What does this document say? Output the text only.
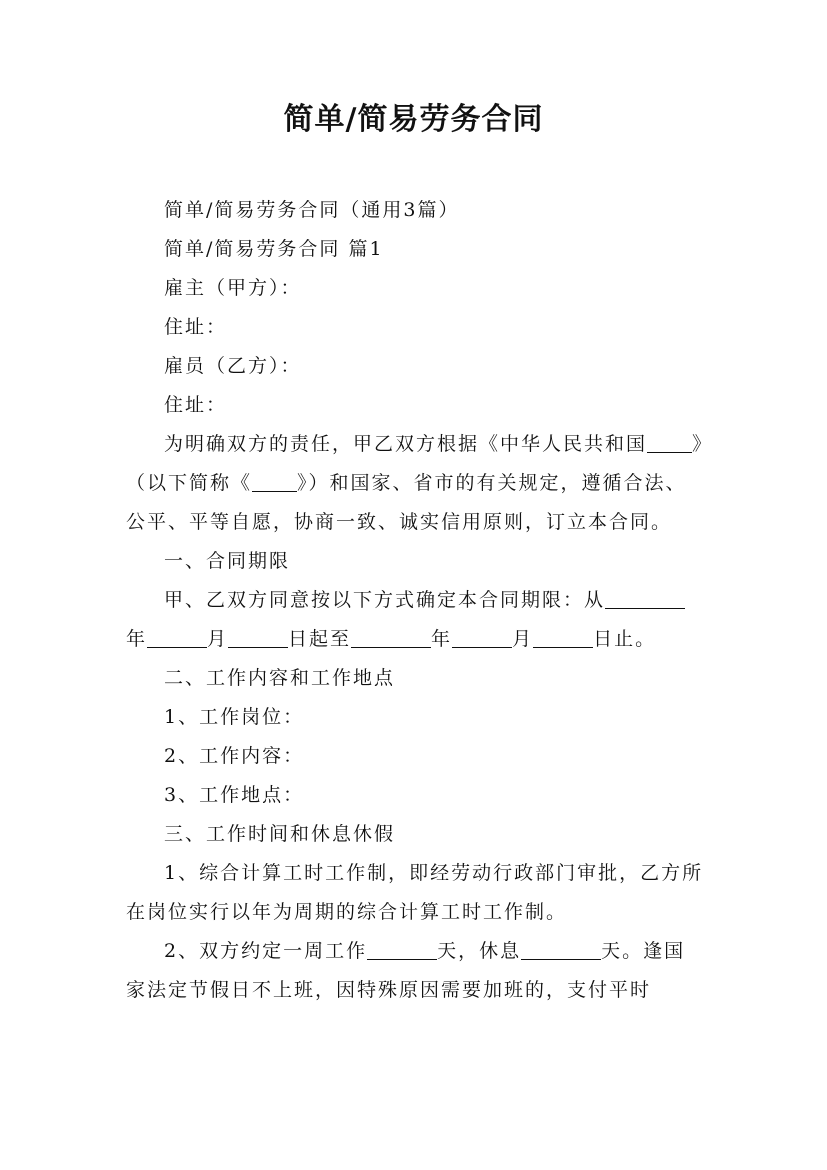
简单/简易劳务合同

简单/简易劳务合同（通用3篇）

简单/简易劳务合同 篇1

雇主（甲方）：

住址：

雇员（乙方）：

住址：

为明确双方的责任，甲乙双方根据《中华人民共和国 》（以下简称《 》）和国家、省市的有关规定，遵循合法、公平、平等自愿，协商一致、诚实信用原则，订立本合同。

一、合同期限

甲、乙双方同意按以下方式确定本合同期限：从年	月	日起至	年	月	日止。

二、工作内容和工作地点

1、工作岗位：

2、工作内容：

3、工作地点：

三、工作时间和休息休假

1、综合计算工时工作制，即经劳动行政部门审批，乙方所在岗位实行以年为周期的综合计算工时工作制。

2、双方约定一周工作	天，休息	天。逢国家法定节假日不上班，因特殊原因需要加班的，支付平时
